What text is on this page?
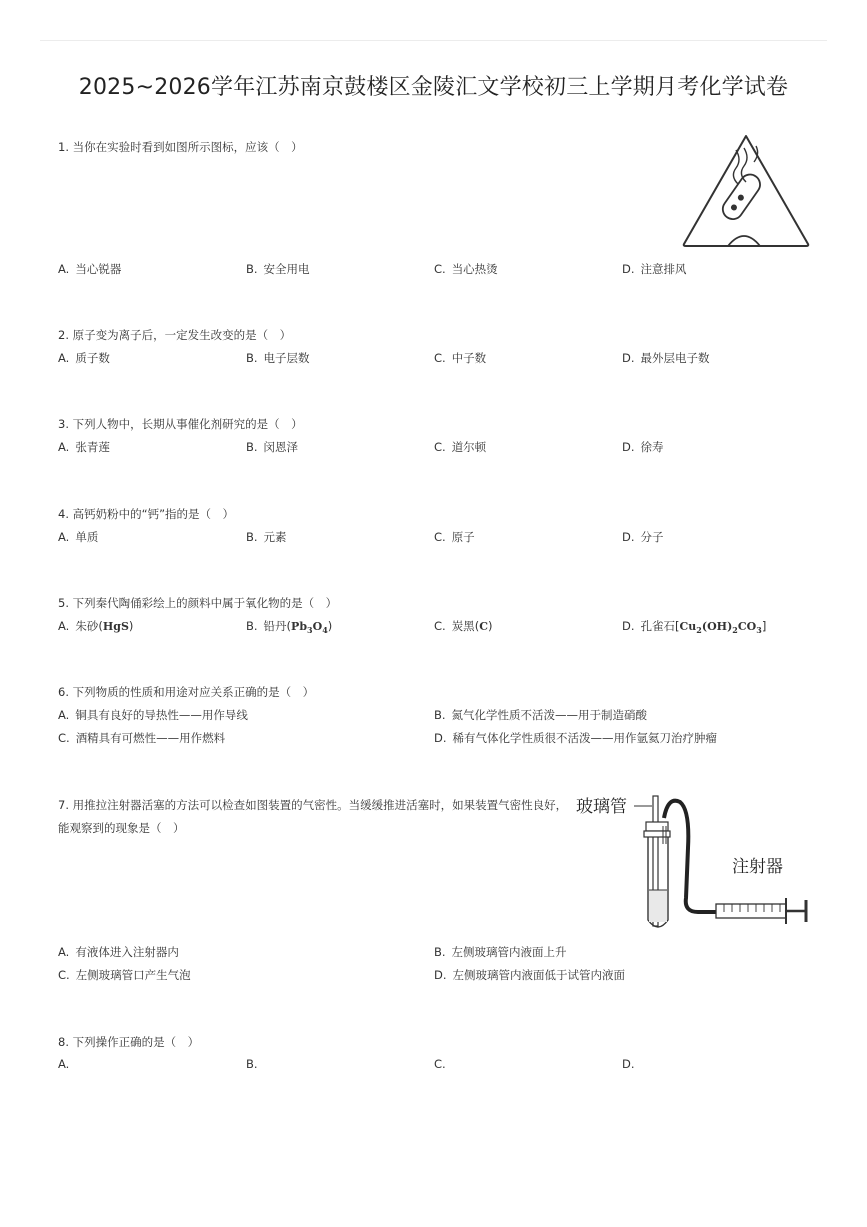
2025~2026学年江苏南京鼓楼区金陵汇文学校初三上学期月考化学试卷
1. 当你在实验时看到如图所示图标，应该（　）
A. 当心锐器	B. 安全用电	C. 当心热烫	D. 注意排风
2. 原子变为离子后，一定发生改变的是（　）
A. 质子数	B. 电子层数	C. 中子数	D. 最外层电子数
3. 下列人物中，长期从事催化剂研究的是（　）
A. 张青莲	B. 闵恩泽	C. 道尔顿	D. 徐寿
4. 高钙奶粉中的“钙”指的是（　）
A. 单质	B. 元素	C. 原子	D. 分子
5. 下列秦代陶俑彩绘上的颜料中属于氧化物的是（　）
A. 朱砂(HgS)	B. 铅丹$(Pb_3O_4)$	C. 炭黑(C)	D. 孔雀石$[Cu_2(OH)_2CO_3]$
6. 下列物质的性质和用途对应关系正确的是（　）
A. 铜具有良好的导热性——用作导线	B. 氮气化学性质不活泼——用于制造硝酸
C. 酒精具有可燃性——用作燃料	D. 稀有气体化学性质很不活泼——用作氩氦刀治疗肿瘤
7. 用推拉注射器活塞的方法可以检查如图装置的气密性。当缓缓推进活塞时，如果装置气密性良好，
能观察到的现象是（　）
玻璃管
注射器
A. 有液体进入注射器内	B. 左侧玻璃管内液面上升
C. 左侧玻璃管口产生气泡	D. 左侧玻璃管内液面低于试管内液面
8. 下列操作正确的是（　）
A.	B.	C.	D.
